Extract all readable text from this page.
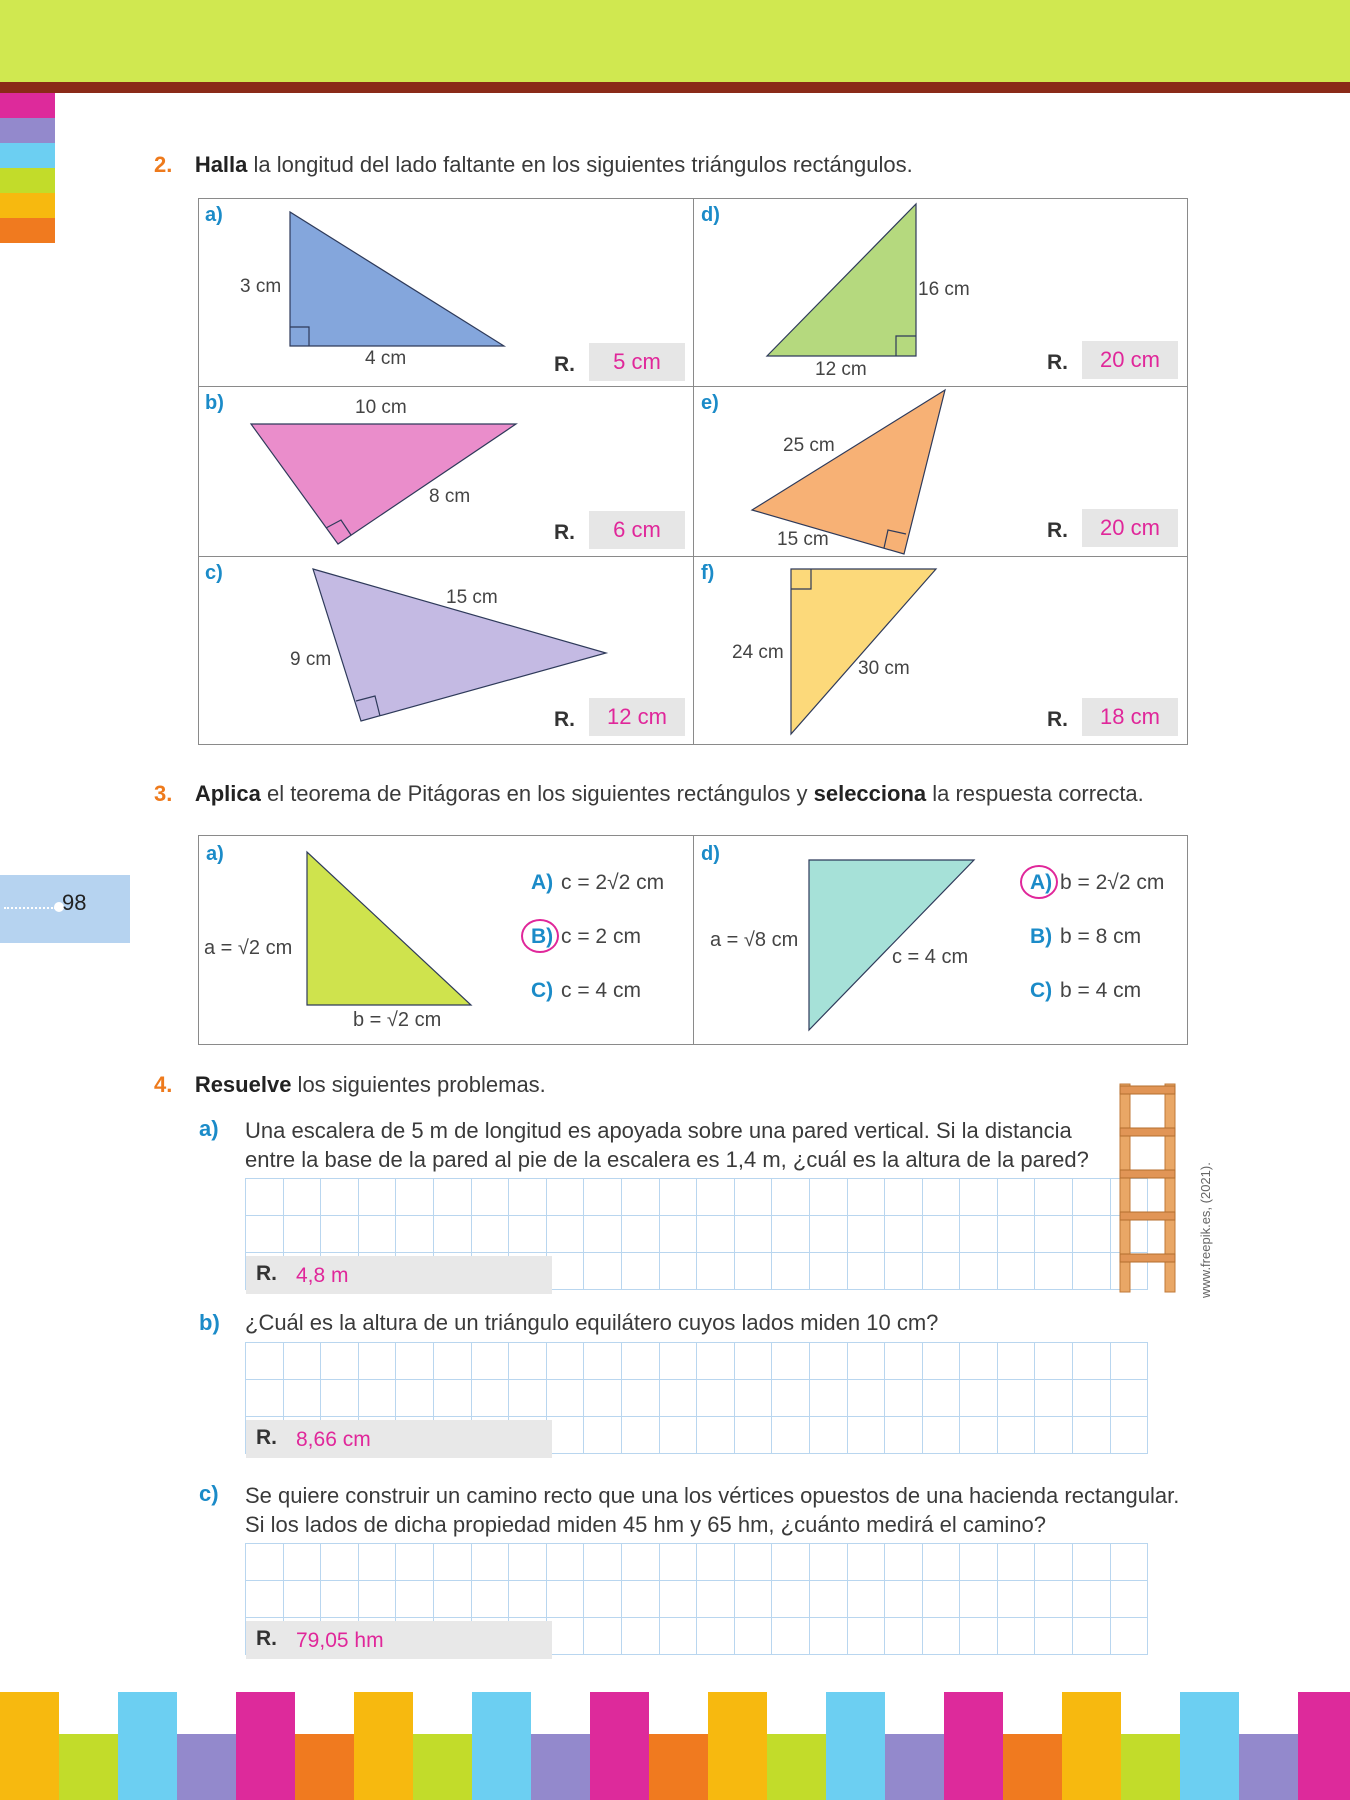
98
2. Halla la longitud del lado faltante en los siguientes triángulos rectángulos.
a)	d)
b)	e)
c)	f)
3 cm
4 cm
16 cm
12 cm
10 cm
8 cm
25 cm
15 cm
15 cm
9 cm	24 cm
30 cm
R.	5 cm	R.	20 cm
R.	6 cm	R.	20 cm
R.	12 cm	R.	18 cm
3. Aplica el teorema de Pitágoras en los siguientes rectángulos y selecciona la respuesta correcta.
a)	d)
a = √2 cm
b = √2 cm
a = √8 cm
c = 4 cm
A) c = 2√2 cm
B) c = 2 cm
C) c = 4 cm
A) b = 2√2 cm
B) b = 8 cm
C) b = 4 cm
4. Resuelve los siguientes problemas.
a) Una escalera de 5 m de longitud es apoyada sobre una pared vertical. Si la distancia
entre la base de la pared al pie de la escalera es 1,4 m, ¿cuál es la altura de la pared?

R. 4,8 m	www.freepik.es, (2021).
b) ¿Cuál es la altura de un triángulo equilátero cuyos lados miden 10 cm?

R. 8,66 cm
c) Se quiere construir un camino recto que una los vértices opuestos de una hacienda rectangular.
Si los lados de dicha propiedad miden 45 hm y 65 hm, ¿cuánto medirá el camino?

R. 79,05 hm
